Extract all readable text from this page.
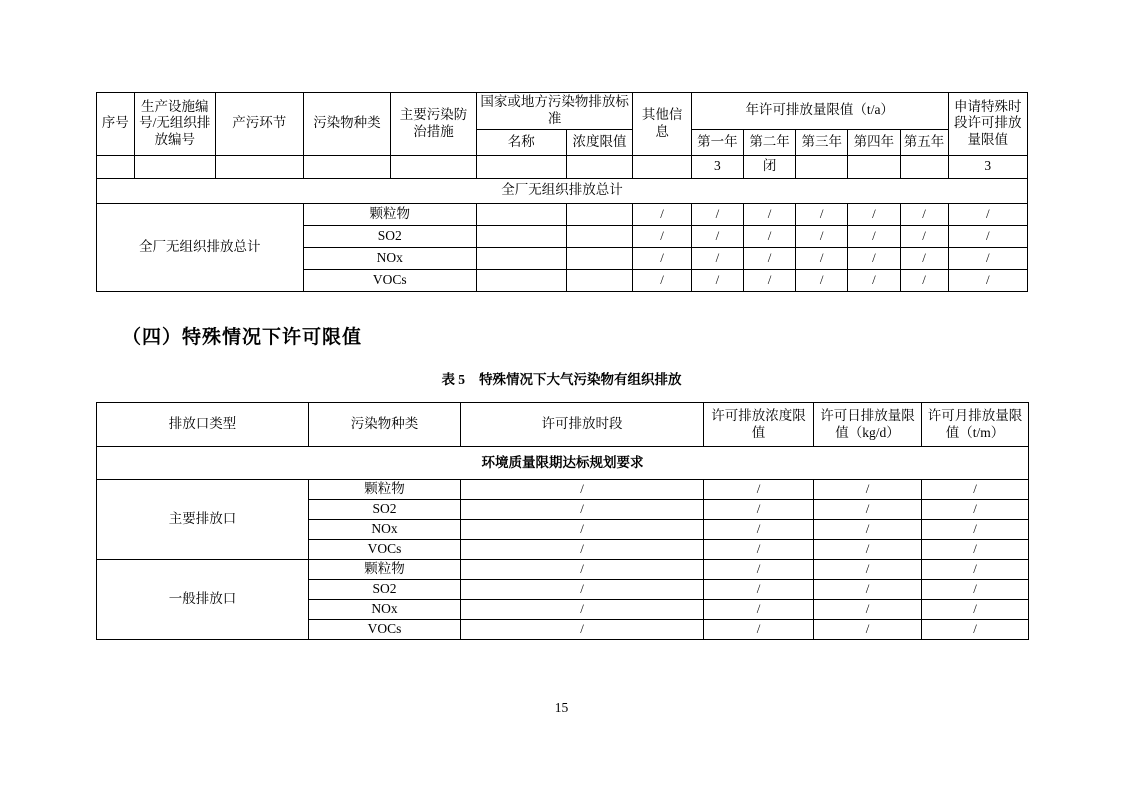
序号	生产设施编号/无组织排放编号	产污环节	污染物种类	主要污染防治措施	国家或地方污染物排放标准		其他信息	年许可排放量限值（t/a）					申请特殊时段许可排放量限值
					名称	浓度限值		第一年	第二年	第三年	第四年	第五年	
								3	闭				3
全厂无组织排放总计													
全厂无组织排放总计			颗粒物				/	/	/	/	/	/	/
			SO2				/	/	/	/	/	/	/
			NOx				/	/	/	/	/	/	/
			VOCs				/	/	/	/	/	/	/
（四）特殊情况下许可限值
表 5 特殊情况下大气污染物有组织排放
排放口类型	污染物种类	许可排放时段	许可排放浓度限值	许可日排放量限值（kg/d）	许可月排放量限值（t/m）
环境质量限期达标规划要求					
主要排放口	颗粒物	/	/	/	/
	SO2	/	/	/	/
	NOx	/	/	/	/
	VOCs	/	/	/	/
一般排放口	颗粒物	/	/	/	/
	SO2	/	/	/	/
	NOx	/	/	/	/
	VOCs	/	/	/	/
15
